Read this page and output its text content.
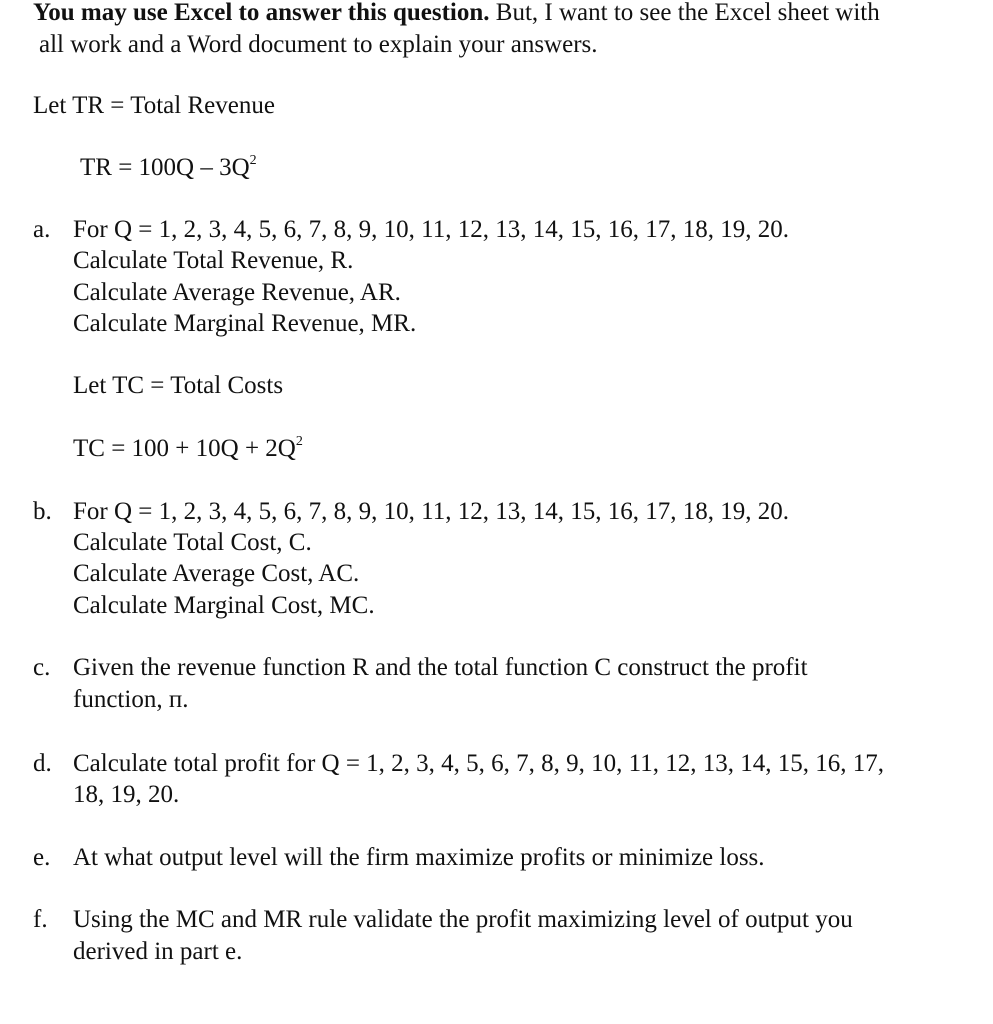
You may use Excel to answer this question. But, I want to see the Excel sheet with
all work and a Word document to explain your answers.
Let TR = Total Revenue
TR = $100Q - 3Q^2$
a. For Q = 1, 2, 3, 4, 5, 6, 7, 8, 9, 10, 11, 12, 13, 14, 15, 16, 17, 18, 19, 20.
Calculate Total Revenue, R.
Calculate Average Revenue, AR.
Calculate Marginal Revenue, MR.
Let TC = Total Costs
TC = $100 + 10Q + 2Q^2$
b. For Q = 1, 2, 3, 4, 5, 6, 7, 8, 9, 10, 11, 12, 13, 14, 15, 16, 17, 18, 19, 20.
Calculate Total Cost, C.
Calculate Average Cost, AC.
Calculate Marginal Cost, MC.
c. Given the revenue function R and the total function C construct the profit
function, п.
d. Calculate total profit for Q = 1, 2, 3, 4, 5, 6, 7, 8, 9, 10, 11, 12, 13, 14, 15, 16, 17,
18, 19, 20.
e. At what output level will the firm maximize profits or minimize loss.
f. Using the MC and MR rule validate the profit maximizing level of output you
derived in part e.
